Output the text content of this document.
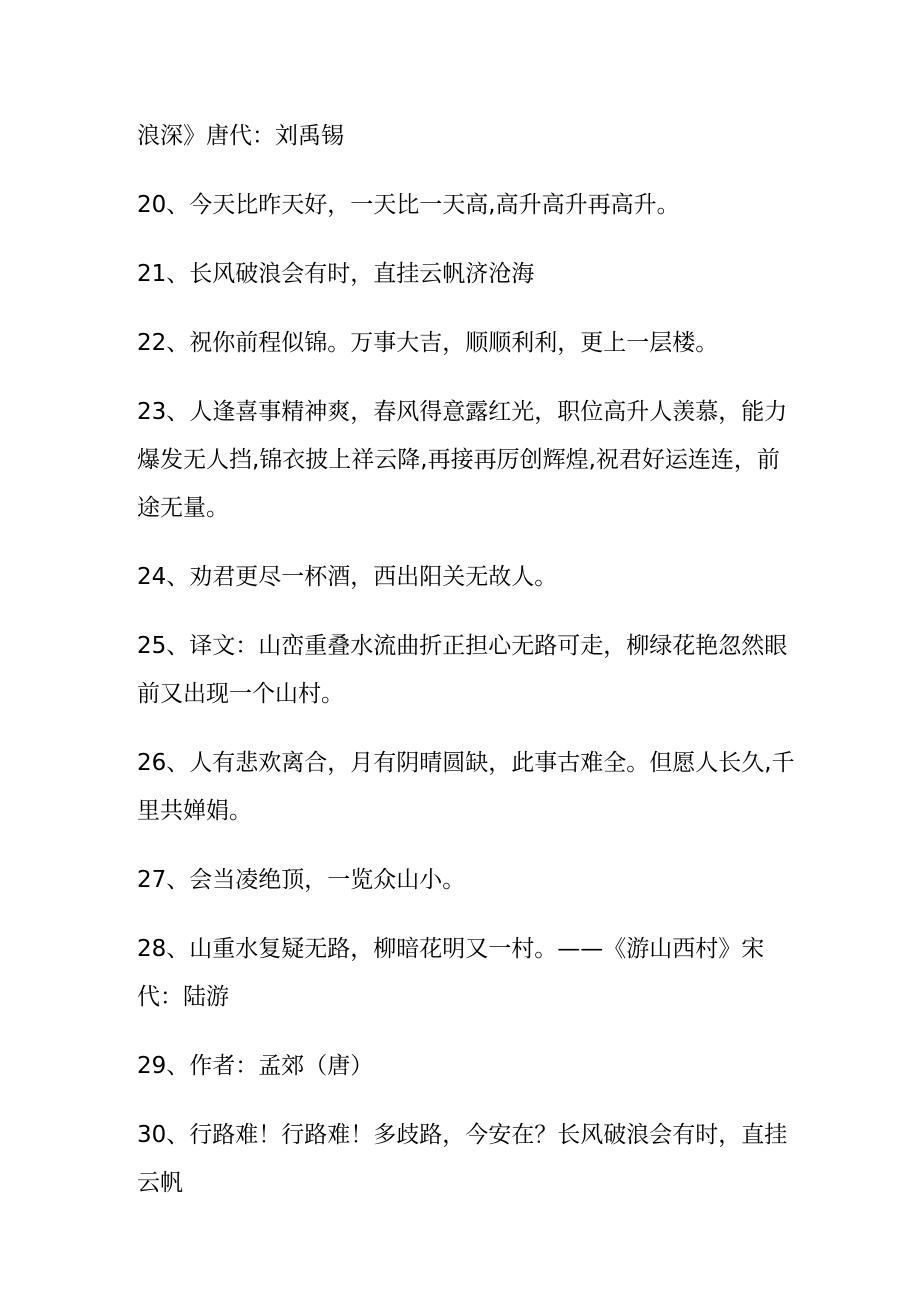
浪深》唐代：刘禹锡

20、今天比昨天好，一天比一天高,高升高升再高升。

21、长风破浪会有时，直挂云帆济沧海

22、祝你前程似锦。万事大吉，顺顺利利，更上一层楼。

23、人逢喜事精神爽，春风得意露红光，职位高升人羡慕，能力爆发无人挡,锦衣披上祥云降,再接再厉创辉煌,祝君好运连连，前途无量。

24、劝君更尽一杯酒，西出阳关无故人。

25、译文：山峦重叠水流曲折正担心无路可走，柳绿花艳忽然眼前又出现一个山村。

26、人有悲欢离合，月有阴晴圆缺，此事古难全。但愿人长久,千里共婵娟。

27、会当凌绝顶，一览众山小。

28、山重水复疑无路，柳暗花明又一村。——《游山西村》宋代：陆游

29、作者：孟郊（唐）

30、行路难！行路难！多歧路，今安在？长风破浪会有时，直挂云帆
